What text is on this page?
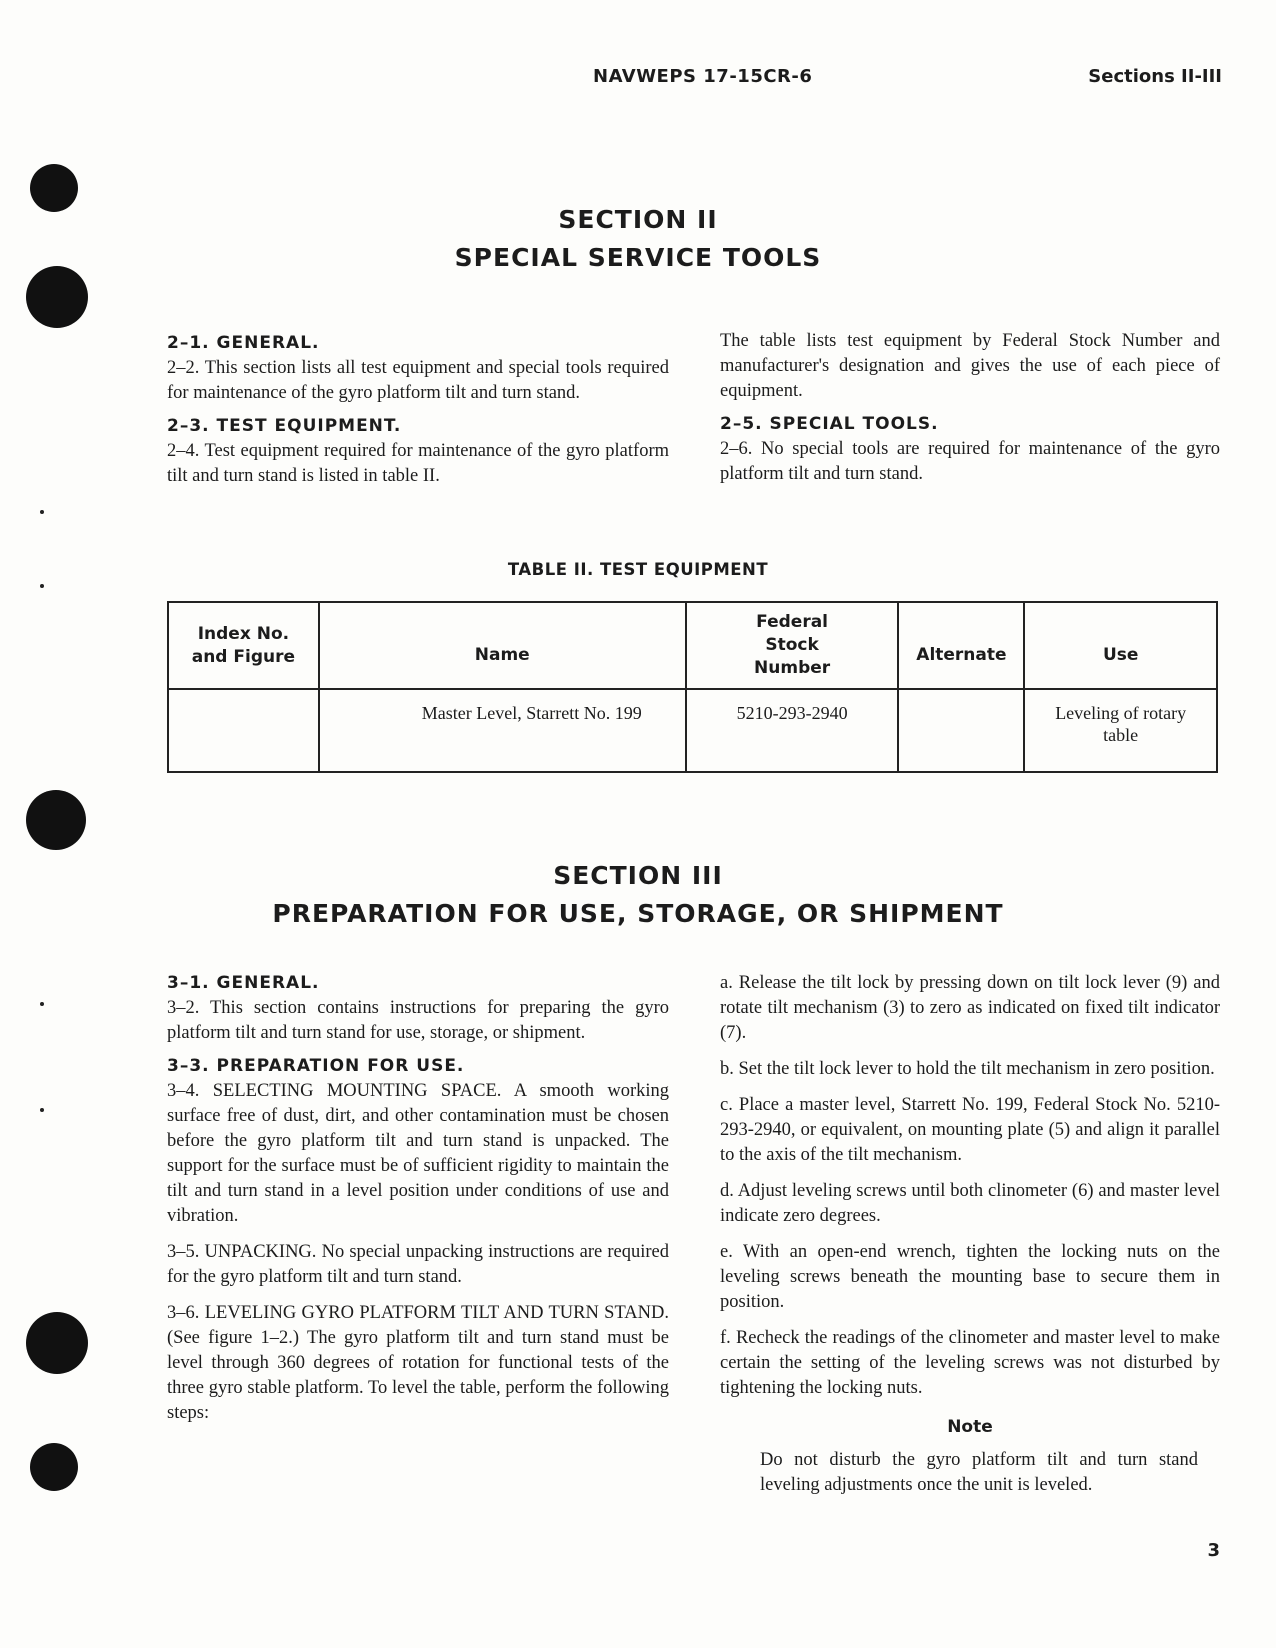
NAVWEPS 17-15CR-6	Sections II-III
SECTION II
SPECIAL SERVICE TOOLS
2–1. GENERAL.

2–2. This section lists all test equipment and special tools required for maintenance of the gyro platform tilt and turn stand.

2–3. TEST EQUIPMENT.

2–4. Test equipment required for maintenance of the gyro platform tilt and turn stand is listed in table II.

The table lists test equipment by Federal Stock Number and manufacturer's designation and gives the use of each piece of equipment.

2–5. SPECIAL TOOLS.

2–6. No special tools are required for maintenance of the gyro platform tilt and turn stand.

TABLE II. TEST EQUIPMENT
Index No. and Figure	Name	Federal Stock Number	Alternate	Use
	Master Level, Starrett No. 199	5210-293-2940		Leveling of rotary table
SECTION III
PREPARATION FOR USE, STORAGE, OR SHIPMENT
3–1. GENERAL.

3–2. This section contains instructions for preparing the gyro platform tilt and turn stand for use, storage, or shipment.

3–3. PREPARATION FOR USE.

3–4. SELECTING MOUNTING SPACE. A smooth working surface free of dust, dirt, and other contamination must be chosen before the gyro platform tilt and turn stand is unpacked. The support for the surface must be of sufficient rigidity to maintain the tilt and turn stand in a level position under conditions of use and vibration.

3–5. UNPACKING. No special unpacking instructions are required for the gyro platform tilt and turn stand.

3–6. LEVELING GYRO PLATFORM TILT AND TURN STAND. (See figure 1–2.) The gyro platform tilt and turn stand must be level through 360 degrees of rotation for functional tests of the three gyro stable platform. To level the table, perform the following steps:

a. Release the tilt lock by pressing down on tilt lock lever (9) and rotate tilt mechanism (3) to zero as indicated on fixed tilt indicator (7).

b. Set the tilt lock lever to hold the tilt mechanism in zero position.

c. Place a master level, Starrett No. 199, Federal Stock No. 5210-293-2940, or equivalent, on mounting plate (5) and align it parallel to the axis of the tilt mechanism.

d. Adjust leveling screws until both clinometer (6) and master level indicate zero degrees.

e. With an open-end wrench, tighten the locking nuts on the leveling screws beneath the mounting base to secure them in position.

f. Recheck the readings of the clinometer and master level to make certain the setting of the leveling screws was not disturbed by tightening the locking nuts.

Note

Do not disturb the gyro platform tilt and turn stand leveling adjustments once the unit is leveled.

3
